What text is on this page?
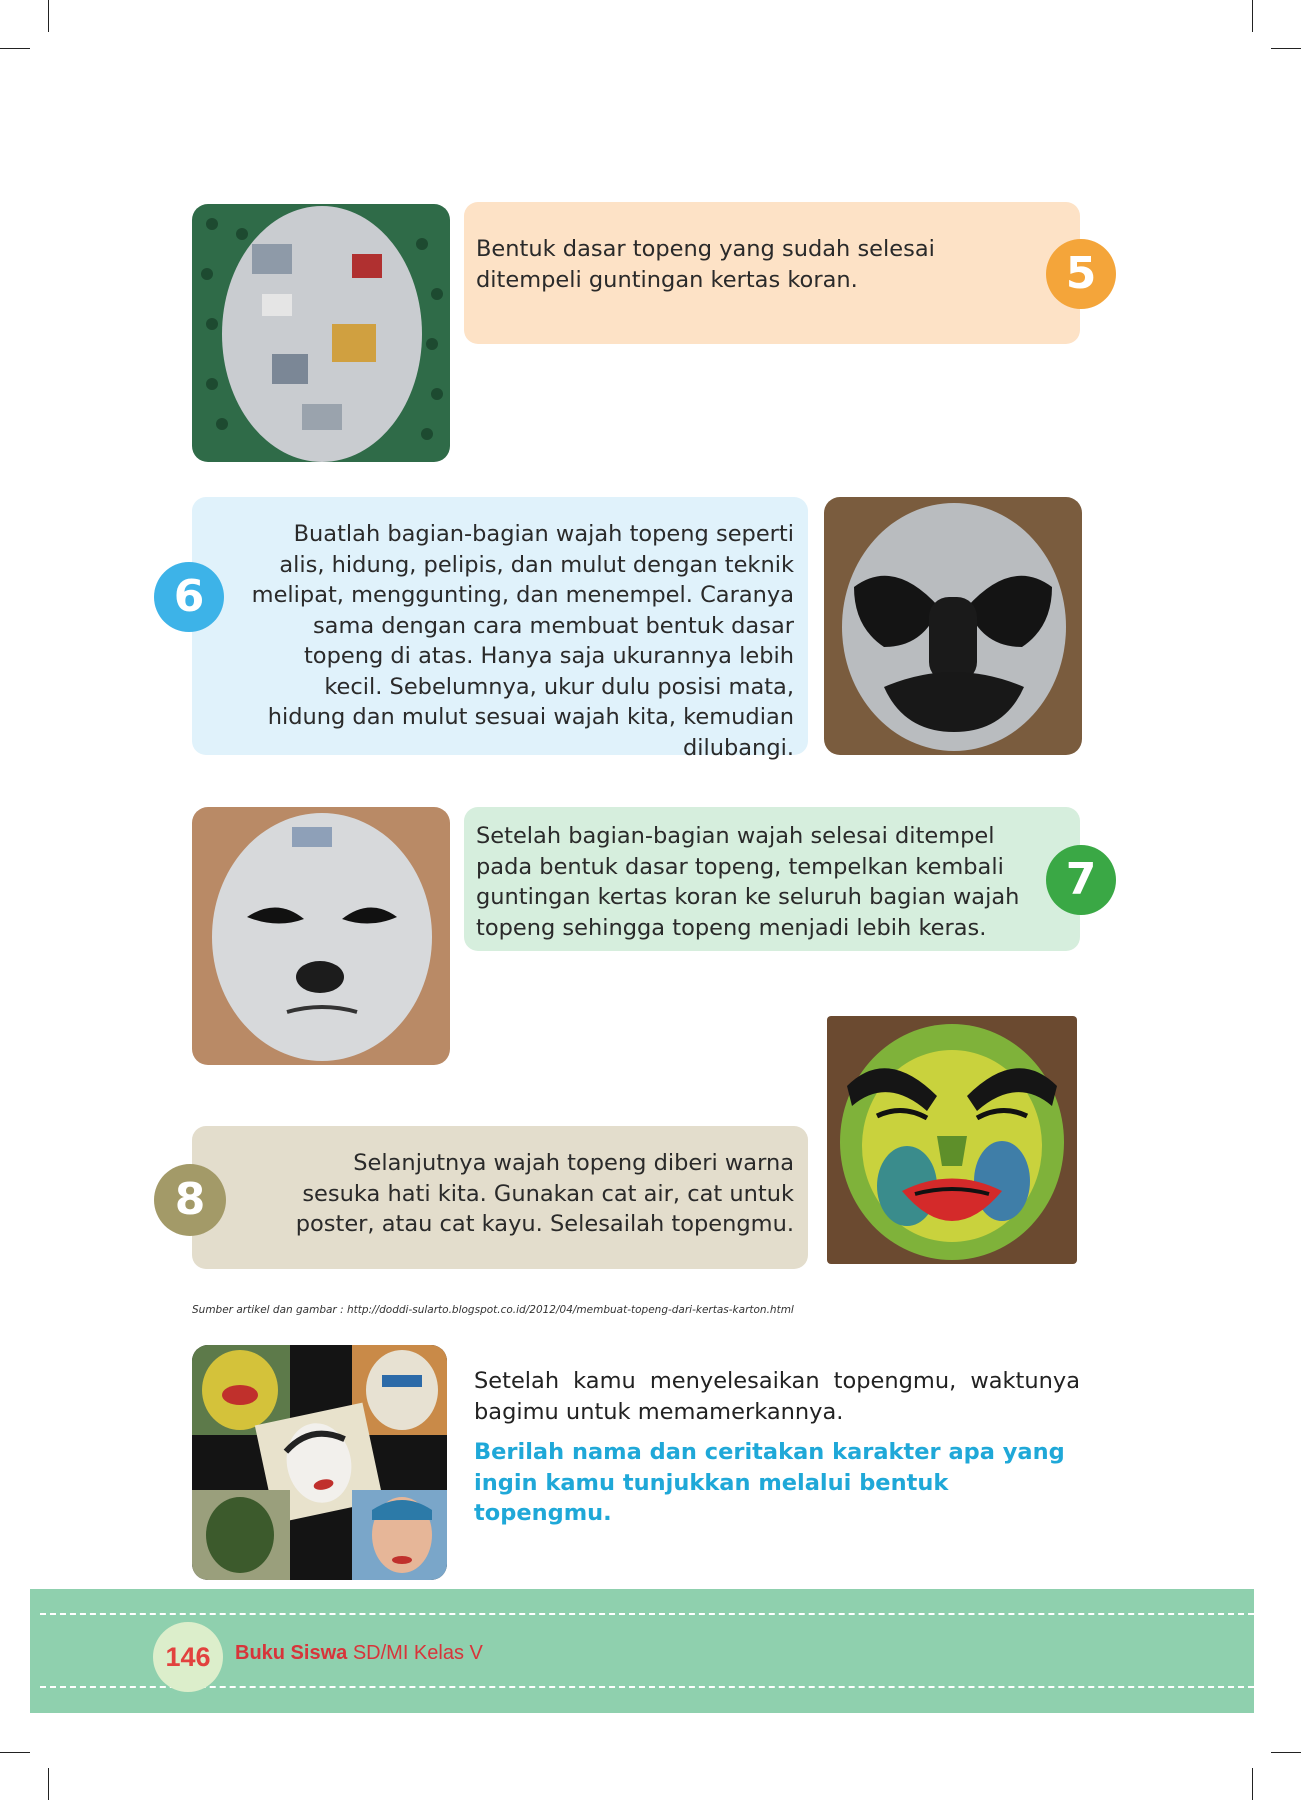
Bentuk dasar topeng yang sudah selesai ditempeli guntingan kertas koran.	5

Buatlah bagian-bagian wajah topeng seperti alis, hidung, pelipis, dan mulut dengan teknik melipat, menggunting, dan menempel. Caranya sama dengan cara membuat bentuk dasar topeng di atas. Hanya saja ukurannya lebih kecil. Sebelumnya, ukur dulu posisi mata, hidung dan mulut sesuai wajah kita, kemudian dilubangi.

6

Setelah bagian-bagian wajah selesai ditempel pada bentuk dasar topeng, tempelkan kembali guntingan kertas koran ke seluruh bagian wajah topeng sehingga topeng menjadi lebih keras.

7

Selanjutnya wajah topeng diberi warna sesuka hati kita. Gunakan cat air, cat untuk poster, atau cat kayu. Selesailah topengmu.

8
Sumber artikel dan gambar : http://doddi-sularto.blogspot.co.id/2012/04/membuat-topeng-dari-kertas-karton.html

Setelah kamu menyelesaikan topengmu, waktunya bagimu untuk memamerkannya.

Berilah nama dan ceritakan karakter apa yang ingin kamu tunjukkan melalui bentuk topengmu.

146	Buku Siswa SD/MI Kelas V
